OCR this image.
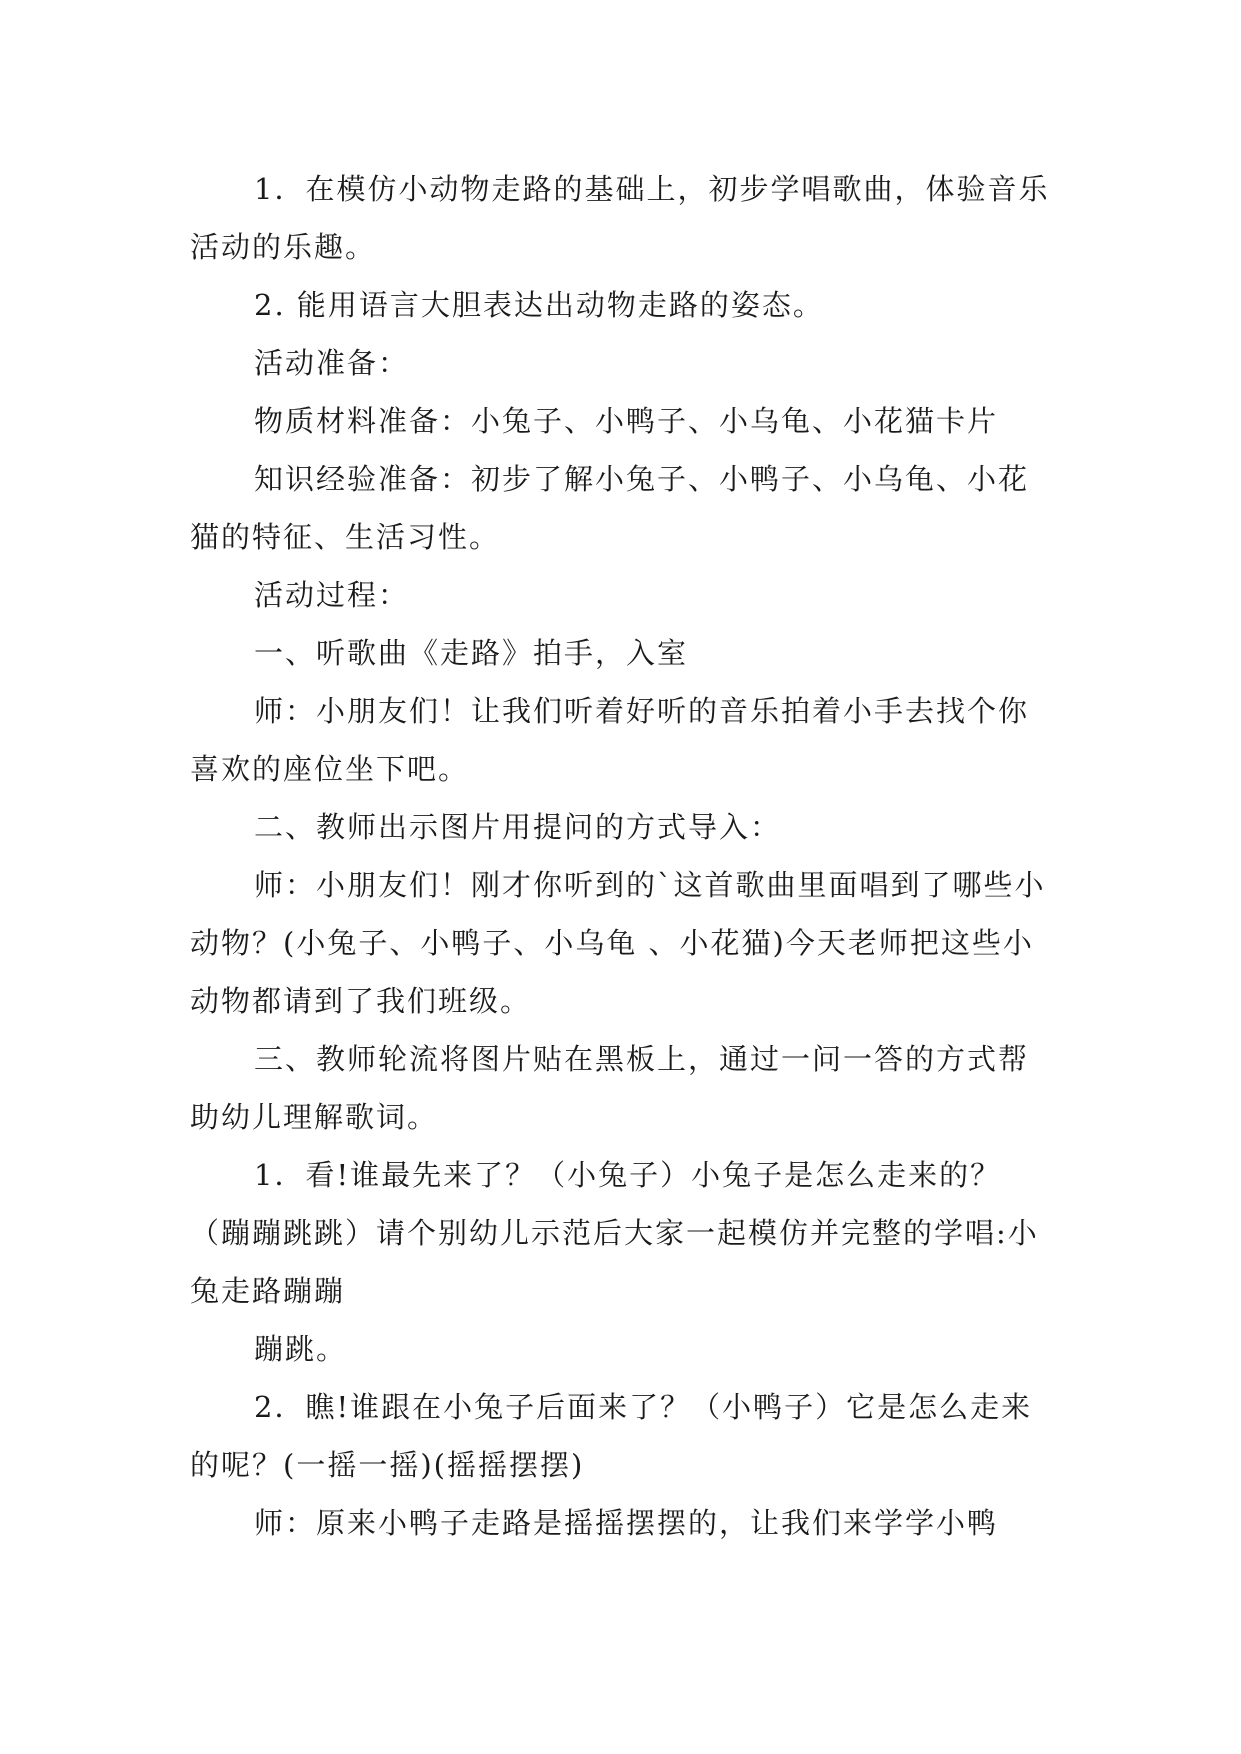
1．在模仿小动物走路的基础上，初步学唱歌曲，体验音乐活动的乐趣。

2. 能用语言大胆表达出动物走路的姿态。

活动准备：

物质材料准备：小兔子、小鸭子、小乌龟、小花猫卡片

知识经验准备：初步了解小兔子、小鸭子、小乌龟、小花猫的特征、生活习性。

活动过程：

一、听歌曲《走路》拍手，入室

师：小朋友们！让我们听着好听的音乐拍着小手去找个你喜欢的座位坐下吧。

二、教师出示图片用提问的方式导入：

师：小朋友们！刚才你听到的`这首歌曲里面唱到了哪些小动物？(小兔子、小鸭子、小乌龟 、小花猫)今天老师把这些小动物都请到了我们班级。

三、教师轮流将图片贴在黑板上，通过一问一答的方式帮助幼儿理解歌词。

1．看!谁最先来了？（小兔子）小兔子是怎么走来的？（蹦蹦跳跳）请个别幼儿示范后大家一起模仿并完整的学唱:小兔走路蹦蹦

蹦跳。

2．瞧!谁跟在小兔子后面来了？（小鸭子）它是怎么走来的呢？(一摇一摇)(摇摇摆摆)

师：原来小鸭子走路是摇摇摆摆的，让我们来学学小鸭
